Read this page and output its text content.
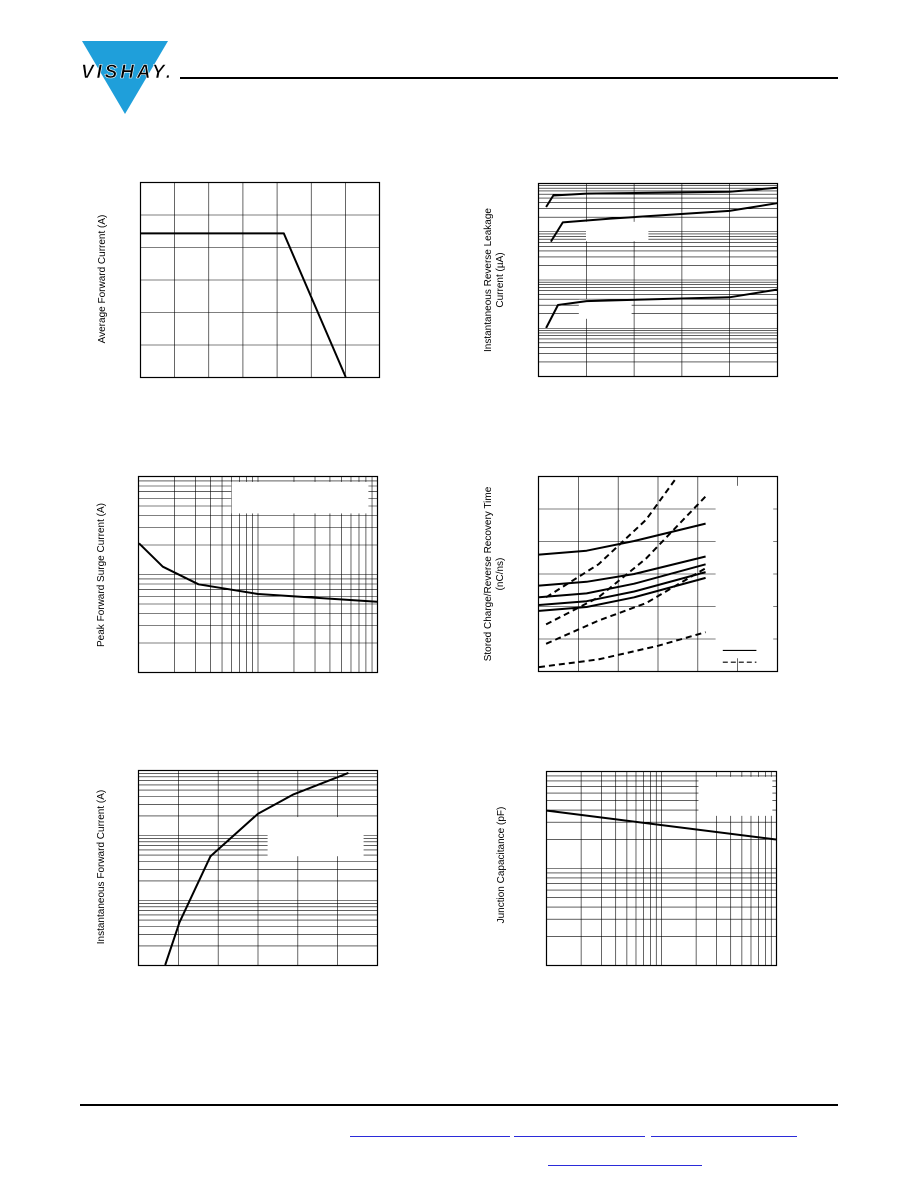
VISHAY.
Average Forward Current (A)	Instantaneous Reverse Leakage Current (µA)
Peak Forward Surge Current (A)	Stored Charge/Reverse Recovery Time (nC/ns)
Instantaneous Forward Current (A)	Junction Capacitance (pF)
